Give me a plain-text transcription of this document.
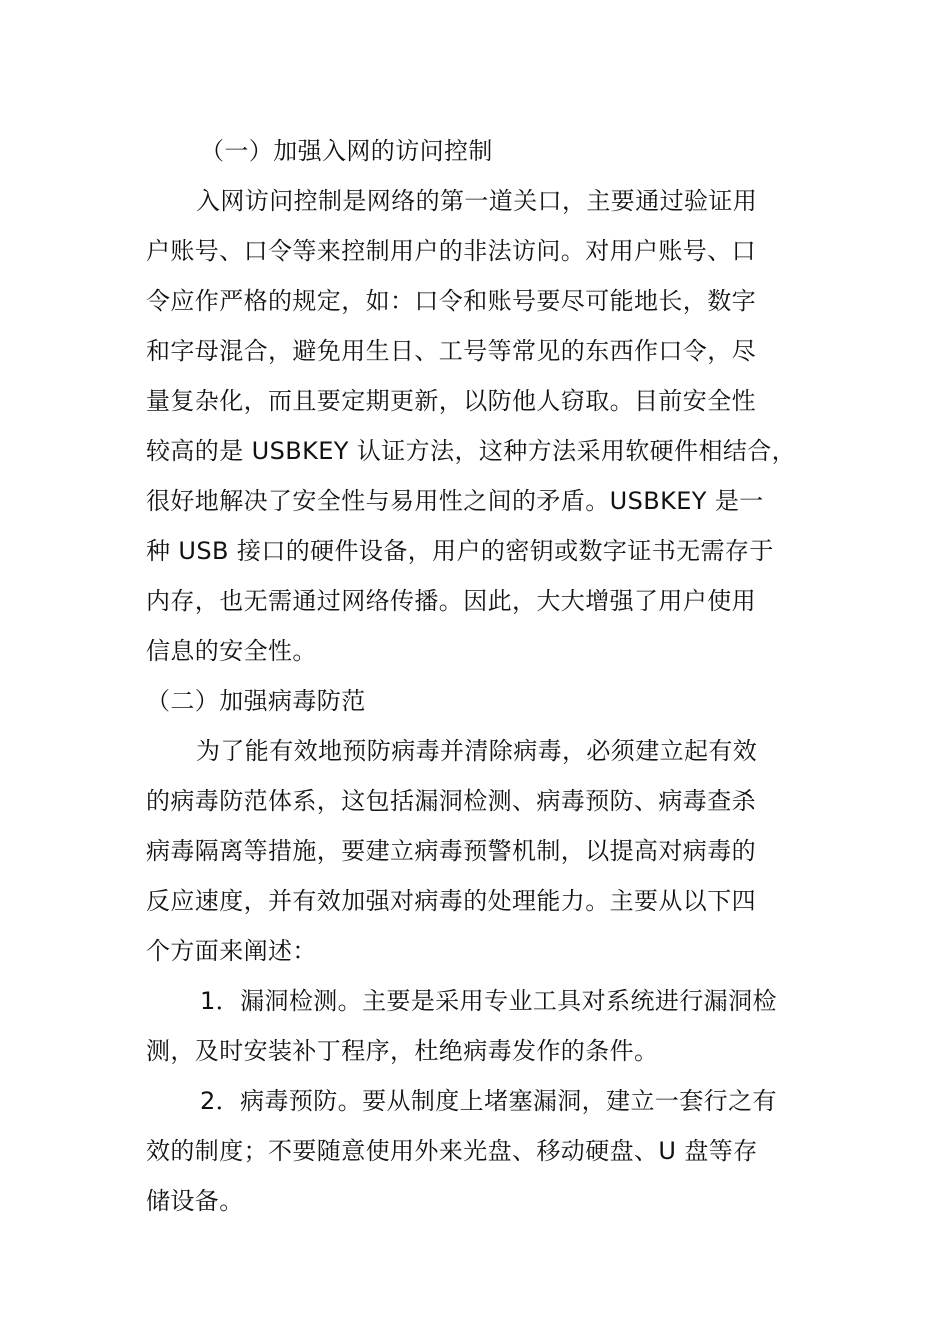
（一）加强入网的访问控制

入网访问控制是网络的第一道关口，主要通过验证用

户账号、口令等来控制用户的非法访问。对用户账号、口

令应作严格的规定，如：口令和账号要尽可能地长，数字

和字母混合，避免用生日、工号等常见的东西作口令，尽

量复杂化，而且要定期更新，以防他人窃取。目前安全性

较高的是 USBKEY 认证方法，这种方法采用软硬件相结合，

很好地解决了安全性与易用性之间的矛盾。USBKEY 是一

种 USB 接口的硬件设备，用户的密钥或数字证书无需存于

内存，也无需通过网络传播。因此，大大增强了用户使用

信息的安全性。

（二）加强病毒防范

为了能有效地预防病毒并清除病毒，必须建立起有效

的病毒防范体系，这包括漏洞检测、病毒预防、病毒查杀

病毒隔离等措施，要建立病毒预警机制，以提高对病毒的

反应速度，并有效加强对病毒的处理能力。主要从以下四

个方面来阐述：

1．漏洞检测。主要是采用专业工具对系统进行漏洞检

测，及时安装补丁程序，杜绝病毒发作的条件。

2．病毒预防。要从制度上堵塞漏洞，建立一套行之有

效的制度；不要随意使用外来光盘、移动硬盘、U 盘等存

储设备。
